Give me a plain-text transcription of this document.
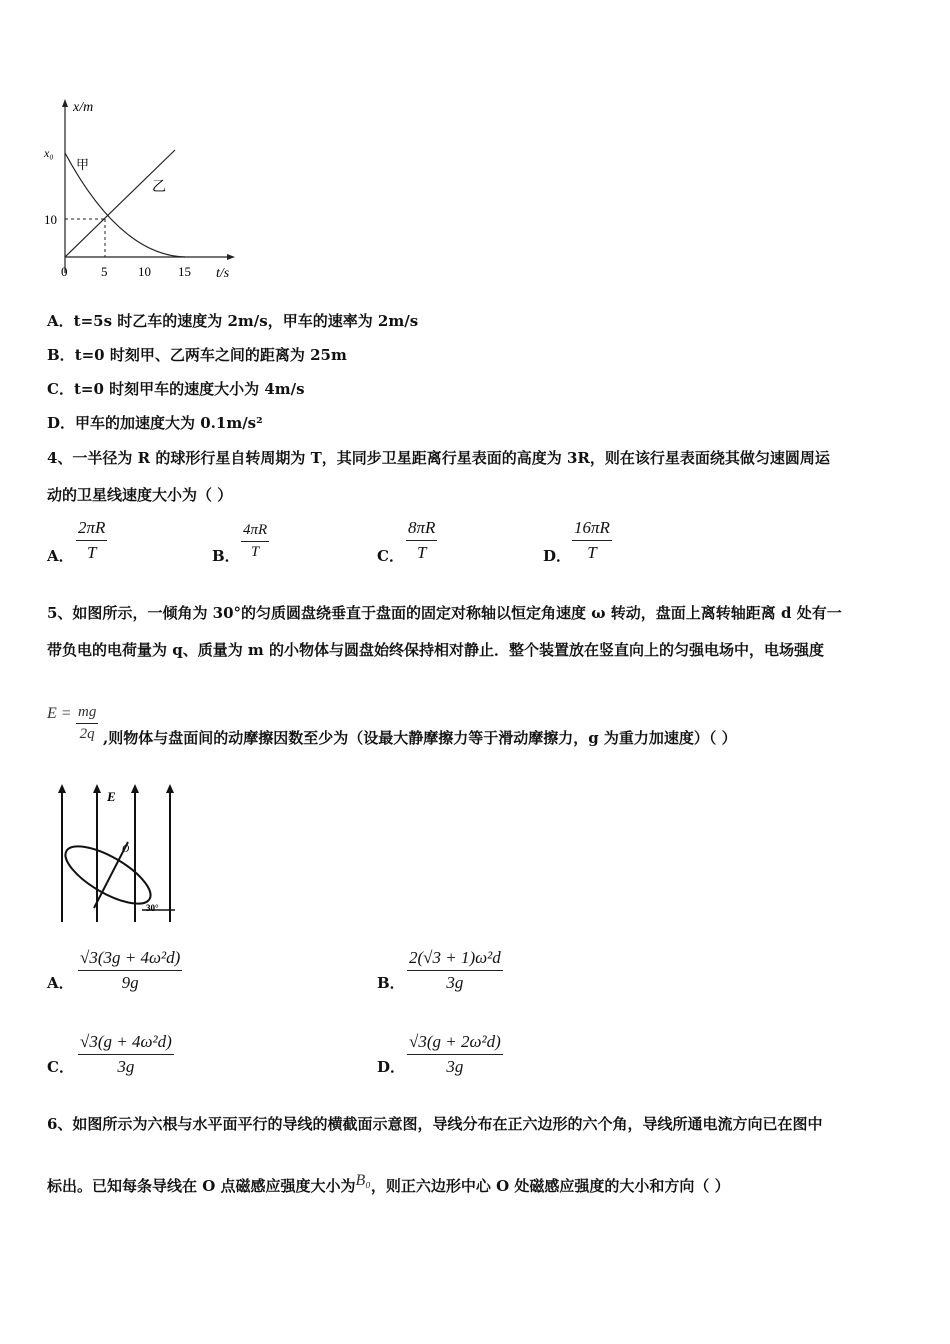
x/m
t/s
x₀
10
0	5 10 15
甲
乙
A．t=5s 时乙车的速度为 2m/s，甲车的速率为 2m/s
B．t=0 时刻甲、乙两车之间的距离为 25m
C．t=0 时刻甲车的速度大小为 4m/s
D．甲车的加速度大为 0.1m/s²
4、一半径为 R 的球形行星自转周期为 T，其同步卫星距离行星表面的高度为 3R，则在该行星表面绕其做匀速圆周运
动的卫星线速度大小为（ ）
A． $\frac{2\pi R}{T}$	B． $\frac{4\pi R}{T}$	C． $\frac{8\pi R}{T}$	D． $\frac{16\pi R}{T}$
5、如图所示，一倾角为 30°的匀质圆盘绕垂直于盘面的固定对称轴以恒定角速度 ω 转动，盘面上离转轴距离 d 处有一
带负电的电荷量为 q、质量为 m 的小物体与圆盘始终保持相对静止．整个装置放在竖直向上的匀强电场中，电场强度
$E = \frac{mg}{2q}$ ,则物体与盘面间的动摩擦因数至少为（设最大静摩擦力等于滑动摩擦力，g 为重力加速度）（ ）
E
O
30°
A． $\frac{\text{√3(3g + 4ω²d)}}{9g}$	B． $\frac{\text{2(√3 + 1)ω²d}}{3g}$
C． $\frac{\text{√3(g + 4ω²d)}}{3g}$	D． $\frac{\text{√3(g + 2ω²d)}}{3g}$
6、如图所示为六根与水平面平行的导线的横截面示意图，导线分布在正六边形的六个角，导线所通电流方向已在图中
标出。已知每条导线在 O 点磁感应强度大小为B₀，则正六边形中心 O 处磁感应强度的大小和方向（ ）
